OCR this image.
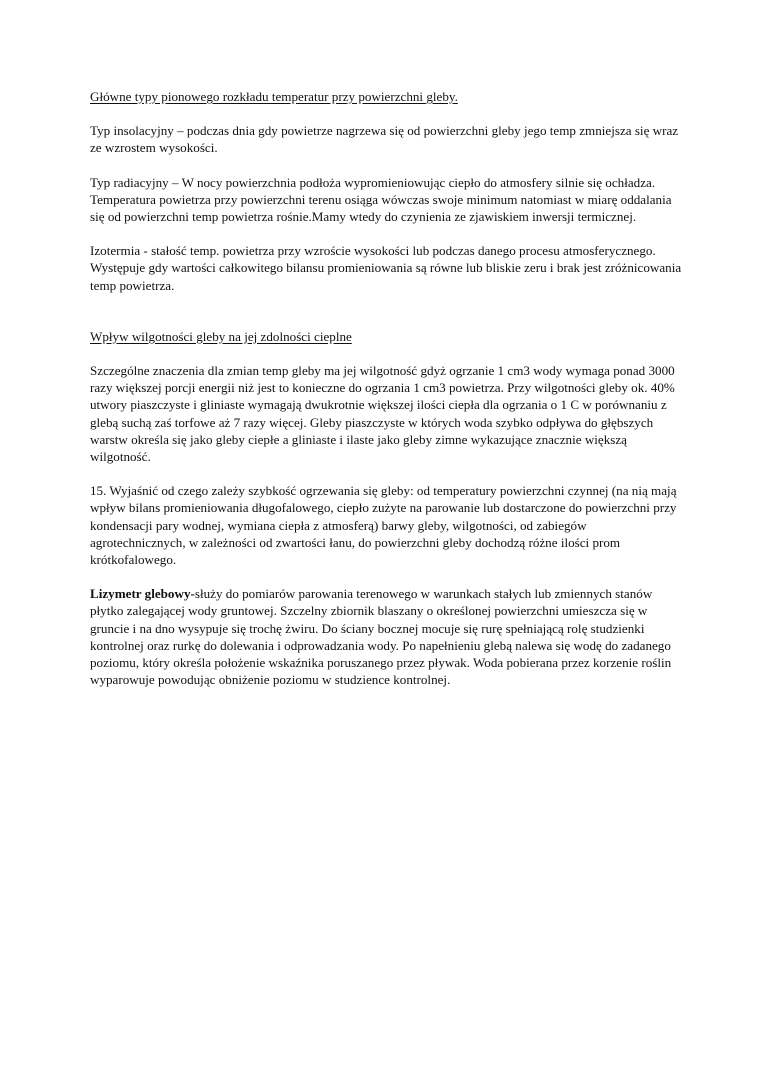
Główne typy pionowego rozkładu temperatur przy powierzchni gleby.

Typ insolacyjny – podczas dnia gdy powietrze nagrzewa się od powierzchni gleby jego temp zmniejsza się wraz ze wzrostem wysokości.

Typ radiacyjny – W nocy powierzchnia podłoża wypromieniowując ciepło do atmosfery silnie się ochładza. Temperatura powietrza przy powierzchni terenu osiąga wówczas swoje minimum natomiast w miarę oddalania się od powierzchni temp powietrza rośnie.Mamy wtedy do czynienia ze zjawiskiem inwersji termicznej.

Izotermia - stałość temp. powietrza przy wzroście wysokości lub podczas danego procesu atmosferycznego. Występuje gdy wartości całkowitego bilansu promieniowania są równe lub bliskie zeru i brak jest zróżnicowania temp powietrza.

Wpływ wilgotności gleby na jej zdolności cieplne

Szczególne znaczenia dla zmian temp gleby ma jej wilgotność gdyż ogrzanie 1 cm3 wody wymaga ponad 3000 razy większej porcji energii niż jest to konieczne do ogrzania 1 cm3 powietrza. Przy wilgotności gleby ok. 40% utwory piaszczyste i gliniaste wymagają dwukrotnie większej ilości ciepła dla ogrzania o 1 C w porównaniu z glebą suchą zaś torfowe aż 7 razy więcej. Gleby piaszczyste w których woda szybko odpływa do głębszych warstw określa się jako gleby ciepłe a gliniaste i ilaste jako gleby zimne wykazujące znacznie większą wilgotność.

15. Wyjaśnić od czego zależy szybkość ogrzewania się gleby: od temperatury powierzchni czynnej (na nią mają wpływ bilans promieniowania długofalowego, ciepło zużyte na parowanie lub dostarczone do powierzchni przy kondensacji pary wodnej, wymiana ciepła z atmosferą) barwy gleby, wilgotności, od zabiegów agrotechnicznych, w zależności od zwartości łanu, do powierzchni gleby dochodzą różne ilości prom krótkofalowego.

Lizymetr glebowy-służy do pomiarów parowania terenowego w warunkach stałych lub zmiennych stanów płytko zalegającej wody gruntowej. Szczelny zbiornik blaszany o określonej powierzchni umieszcza się w gruncie i na dno wysypuje się trochę żwiru. Do ściany bocznej mocuje się rurę spełniającą rolę studzienki kontrolnej oraz rurkę do dolewania i odprowadzania wody. Po napełnieniu glebą nalewa się wodę do zadanego poziomu, który określa położenie wskaźnika poruszanego przez pływak. Woda pobierana przez korzenie roślin wyparowuje powodując obniżenie poziomu w studzience kontrolnej.
